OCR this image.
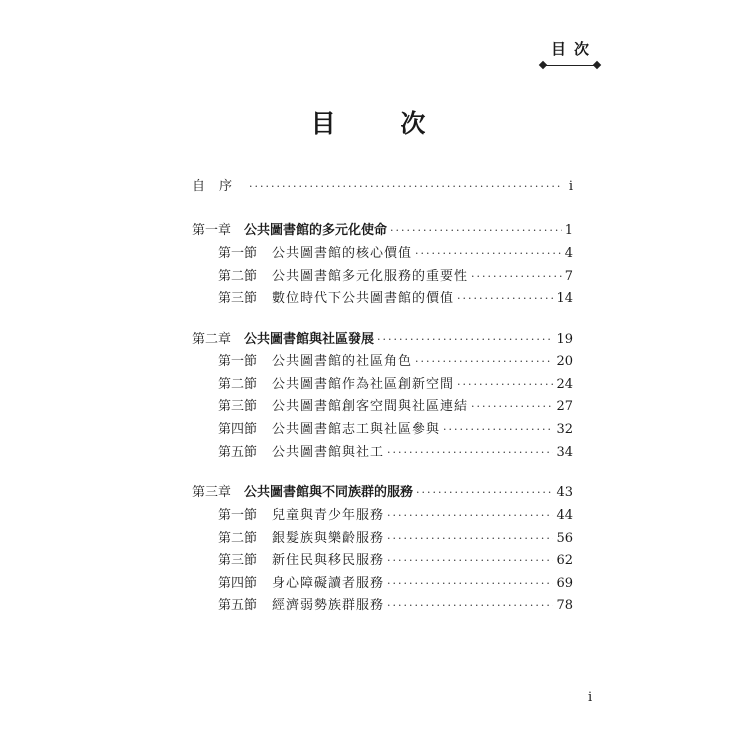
目次
目 次
自序 ·····	i
第一章 公共圖書館的多元化使命 ·····	1
第一節	公共圖書館的核心價值 ·····	4
第二節	公共圖書館多元化服務的重要性 ·····	7
第三節	數位時代下公共圖書館的價值 ·····	14
第二章 公共圖書館與社區發展 ·····	19
第一節	公共圖書館的社區角色 ·····	20
第二節	公共圖書館作為社區創新空間 ·····	24
第三節	公共圖書館創客空間與社區連結 ·····	27
第四節	公共圖書館志工與社區參與 ·····	32
第五節	公共圖書館與社工 ·····	34
第三章 公共圖書館與不同族群的服務 ·····	43
第一節	兒童與青少年服務 ·····	44
第二節	銀髮族與樂齡服務 ·····	56
第三節	新住民與移民服務 ·····	62
第四節	身心障礙讀者服務 ·····	69
第五節	經濟弱勢族群服務 ·····	78
i
